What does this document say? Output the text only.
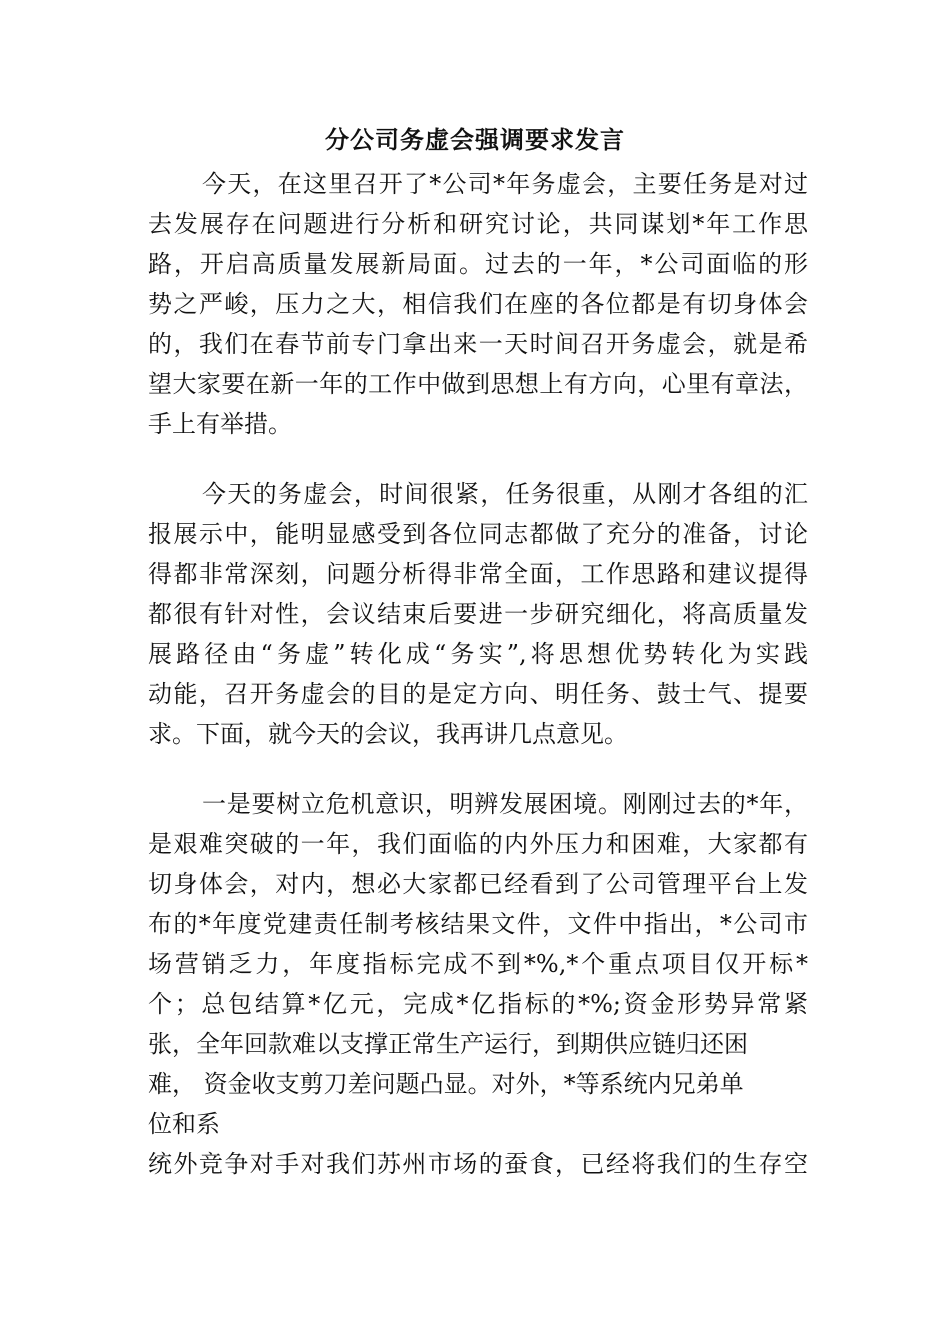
分公司务虚会强调要求发言
今天，在这里召开了*公司*年务虚会，主要任务是对过
去发展存在问题进行分析和研究讨论，共同谋划*年工作思
路，开启高质量发展新局面。过去的一年，*公司面临的形
势之严峻，压力之大，相信我们在座的各位都是有切身体会
的，我们在春节前专门拿出来一天时间召开务虚会，就是希
望大家要在新一年的工作中做到思想上有方向，心里有章法，
手上有举措。
今天的务虚会，时间很紧，任务很重，从刚才各组的汇
报展示中，能明显感受到各位同志都做了充分的准备，讨论
得都非常深刻，问题分析得非常全面，工作思路和建议提得
都很有针对性，会议结束后要进一步研究细化，将高质量发
展路径由“务虚”转化成“务实”,将思想优势转化为实践
动能，召开务虚会的目的是定方向、明任务、鼓士气、提要
求。下面，就今天的会议，我再讲几点意见。
一是要树立危机意识，明辨发展困境。刚刚过去的*年，
是艰难突破的一年，我们面临的内外压力和困难，大家都有
切身体会，对内，想必大家都已经看到了公司管理平台上发
布的*年度党建责任制考核结果文件，文件中指出，*公司市
场营销乏力，年度指标完成不到*%,*个重点项目仅开标*
个；总包结算*亿元，完成*亿指标的*%;资金形势异常紧
张，全年回款难以支撑正常生产运行，到期供应链归还困
难， 资金收支剪刀差问题凸显。对外，*等系统内兄弟单
位和系
统外竞争对手对我们苏州市场的蚕食，已经将我们的生存空
